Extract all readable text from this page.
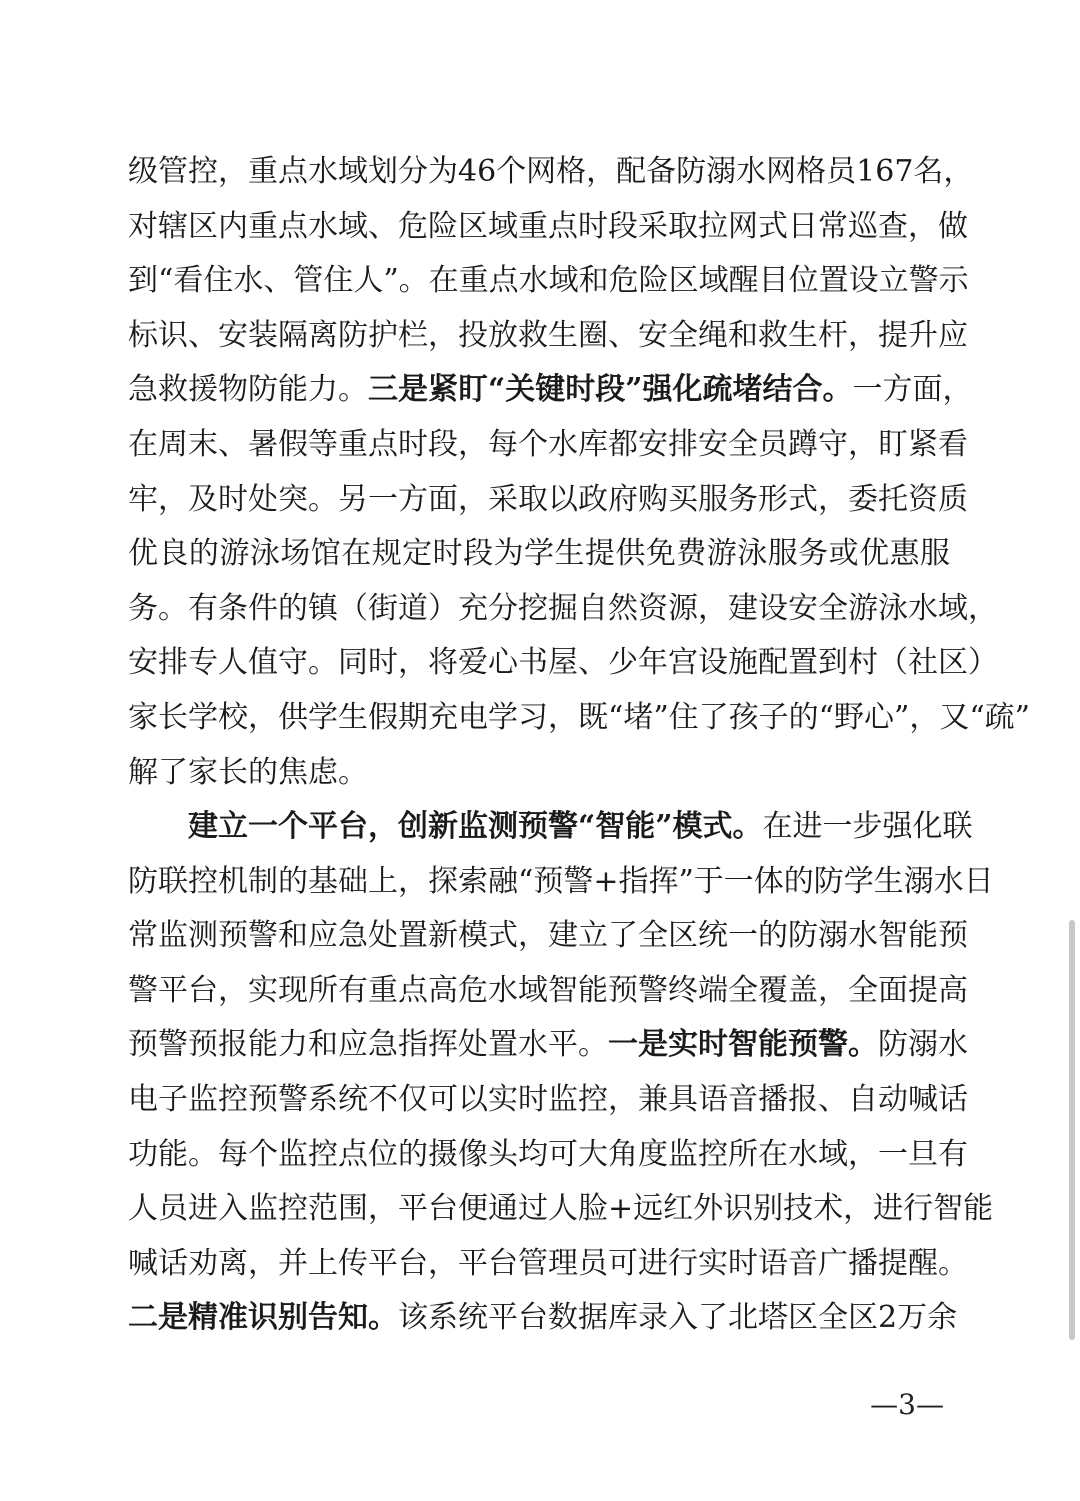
级管控，重点水域划分为46个网格，配备防溺水网格员167名，
对辖区内重点水域、危险区域重点时段采取拉网式日常巡查，做
到“看住水、管住人”。在重点水域和危险区域醒目位置设立警示
标识、安装隔离防护栏，投放救生圈、安全绳和救生杆，提升应
急救援物防能力。三是紧盯“关键时段”强化疏堵结合。一方面，
在周末、暑假等重点时段，每个水库都安排安全员蹲守，盯紧看
牢，及时处突。另一方面，采取以政府购买服务形式，委托资质
优良的游泳场馆在规定时段为学生提供免费游泳服务或优惠服
务。有条件的镇（街道）充分挖掘自然资源，建设安全游泳水域，
安排专人值守。同时，将爱心书屋、少年宫设施配置到村（社区）
家长学校，供学生假期充电学习，既“堵”住了孩子的“野心”，又“疏”
解了家长的焦虑。
建立一个平台，创新监测预警“智能”模式。在进一步强化联
防联控机制的基础上，探索融“预警+指挥”于一体的防学生溺水日
常监测预警和应急处置新模式，建立了全区统一的防溺水智能预
警平台，实现所有重点高危水域智能预警终端全覆盖，全面提高
预警预报能力和应急指挥处置水平。一是实时智能预警。防溺水
电子监控预警系统不仅可以实时监控，兼具语音播报、自动喊话
功能。每个监控点位的摄像头均可大角度监控所在水域，一旦有
人员进入监控范围，平台便通过人脸+远红外识别技术，进行智能
喊话劝离，并上传平台，平台管理员可进行实时语音广播提醒。
二是精准识别告知。该系统平台数据库录入了北塔区全区2万余
—3—
